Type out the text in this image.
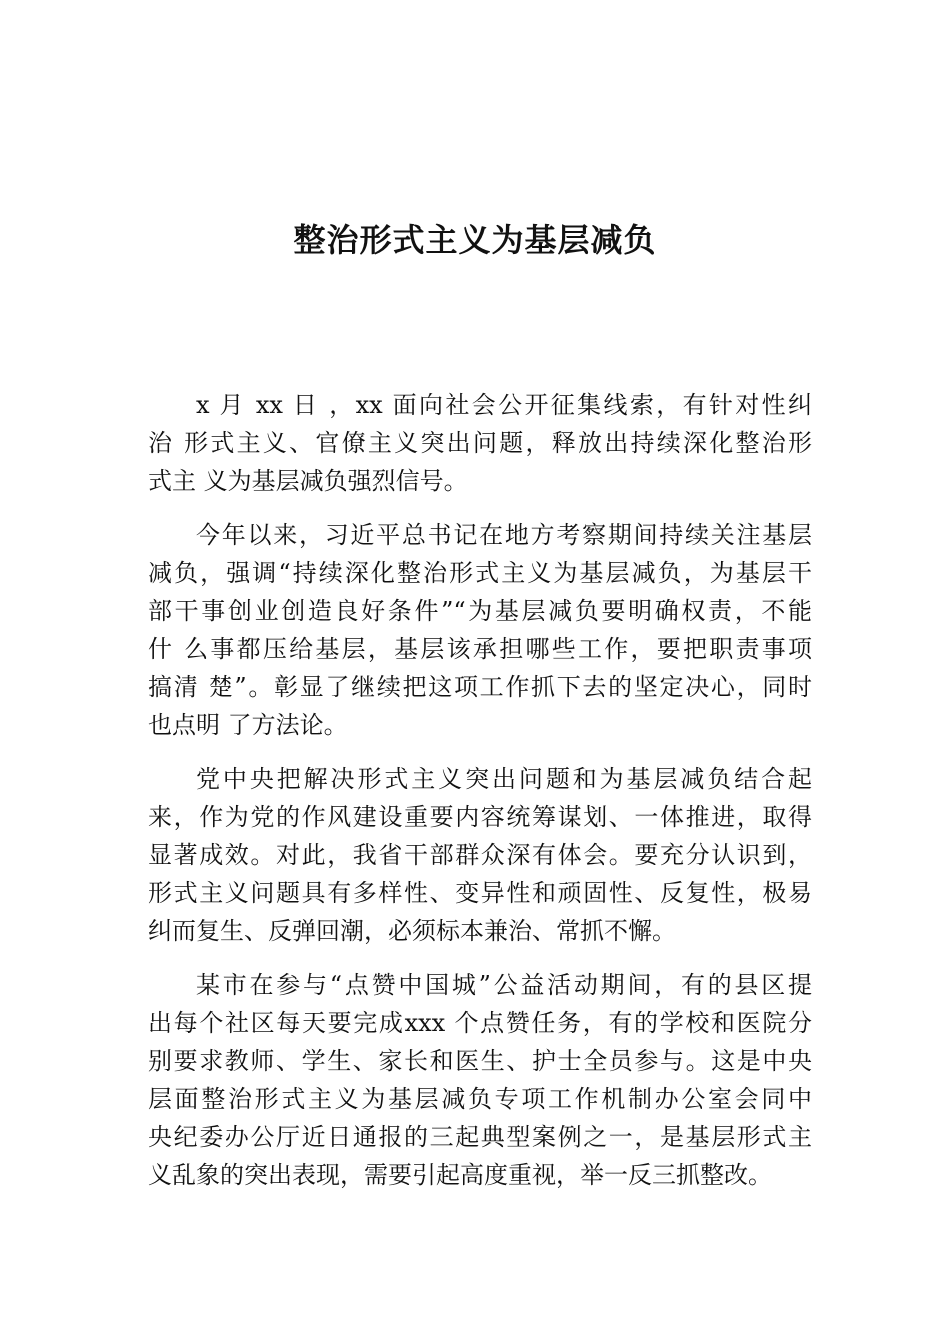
整治形式主义为基层减负

x 月 xx 日 ，xx 面向社会公开征集线索，有针对性纠
治 形式主义、官僚主义突出问题，释放出持续深化整治形
式主 义为基层减负强烈信号。

今年以来，习近平总书记在地方考察期间持续关注基层
减负，强调“持续深化整治形式主义为基层减负，为基层干
部干事创业创造良好条件”“为基层减负要明确权责，不能
什 么事都压给基层，基层该承担哪些工作，要把职责事项
搞清 楚”。彰显了继续把这项工作抓下去的坚定决心，同时
也点明 了方法论。

党中央把解决形式主义突出问题和为基层减负结合起
来，作为党的作风建设重要内容统筹谋划、一体推进，取得
显著成效。对此，我省干部群众深有体会。要充分认识到，
形式主义问题具有多样性、变异性和顽固性、反复性，极易
纠而复生、反弹回潮，必须标本兼治、常抓不懈。

某市在参与“点赞中国城”公益活动期间，有的县区提
出每个社区每天要完成xxx 个点赞任务，有的学校和医院分
别要求教师、学生、家长和医生、护士全员参与。这是中央
层面整治形式主义为基层减负专项工作机制办公室会同中
央纪委办公厅近日通报的三起典型案例之一，是基层形式主
义乱象的突出表现，需要引起高度重视，举一反三抓整改。
